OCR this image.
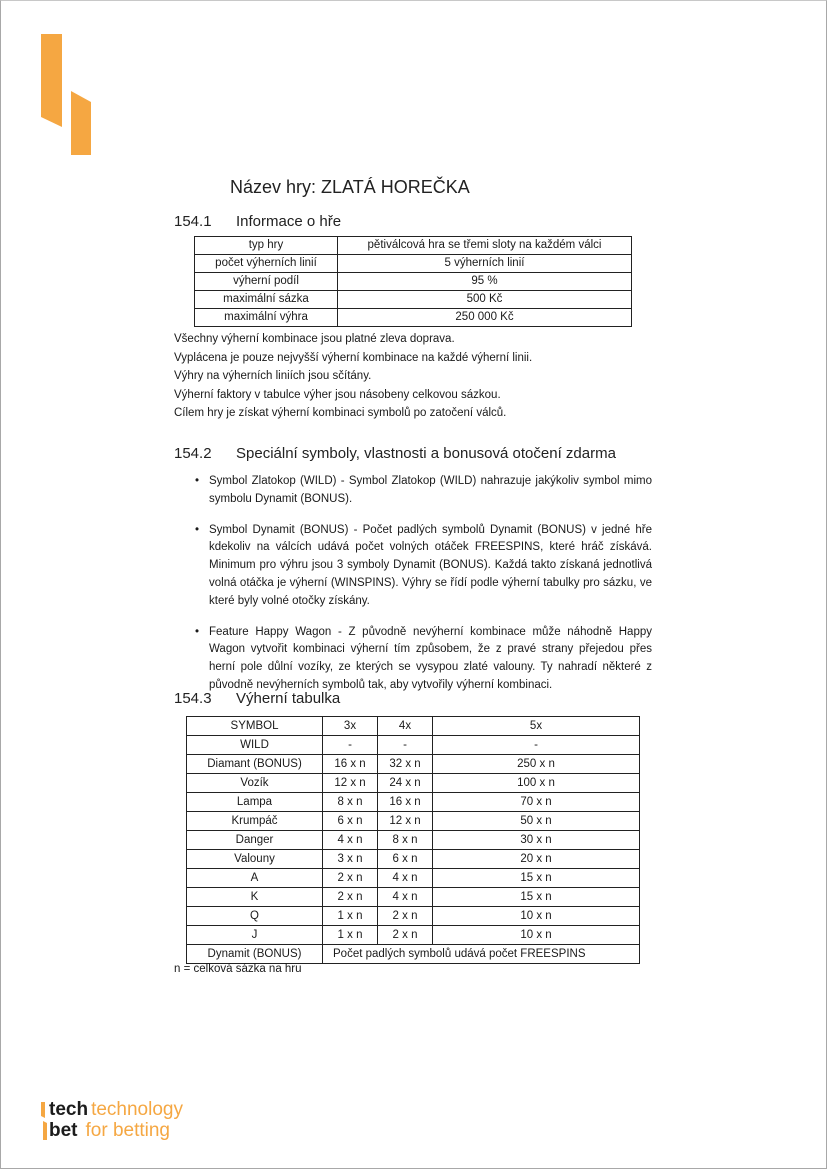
Název hry: ZLATÁ HOREČKA
154.1 Informace o hře
typ hry	pětiválcová hra se třemi sloty na každém válci
počet výherních linií	5 výherních linií
výherní podíl	95 %
maximální sázka	500 Kč
maximální výhra	250 000 Kč
Všechny výherní kombinace jsou platné zleva doprava.
Vyplácena je pouze nejvyšší výherní kombinace na každé výherní linii.
Výhry na výherních liniích jsou sčítány.
Výherní faktory v tabulce výher jsou násobeny celkovou sázkou.
Cílem hry je získat výherní kombinaci symbolů po zatočení válců.
154.2 Speciální symboly, vlastnosti a bonusová otočení zdarma
• Symbol Zlatokop (WILD) - Symbol Zlatokop (WILD) nahrazuje jakýkoliv symbol mimo symbolu Dynamit (BONUS).
• Symbol Dynamit (BONUS) - Počet padlých symbolů Dynamit (BONUS) v jedné hře kdekoliv na válcích udává počet volných otáček FREESPINS, které hráč získává. Minimum pro výhru jsou 3 symboly Dynamit (BONUS). Každá takto získaná jednotlivá volná otáčka je výherní (WINSPINS). Výhry se řídí podle výherní tabulky pro sázku, ve které byly volné otočky získány.
• Feature Happy Wagon - Z původně nevýherní kombinace může náhodně Happy Wagon vytvořit kombinaci výherní tím způsobem, že z pravé strany přejedou přes herní pole důlní vozíky, ze kterých se vysypou zlaté valouny. Ty nahradí některé z původně nevýherních symbolů tak, aby vytvořily výherní kombinaci.
154.3 Výherní tabulka
SYMBOL	3x	4x	5x
WILD	-	-	-
Diamant (BONUS)	16 x n	32 x n	250 x n
Vozík	12 x n	24 x n	100 x n
Lampa	8 x n	16 x n	70 x n
Krumpáč	6 x n	12 x n	50 x n
Danger	4 x n	8 x n	30 x n
Valouny	3 x n	6 x n	20 x n
A	2 x n	4 x n	15 x n
K	2 x n	4 x n	15 x n
Q	1 x n	2 x n	10 x n
J	1 x n	2 x n	10 x n
Dynamit (BONUS)	Počet padlých symbolů udává počet FREESPINS		
n = celková sázka na hru
tech technology
bet for betting
